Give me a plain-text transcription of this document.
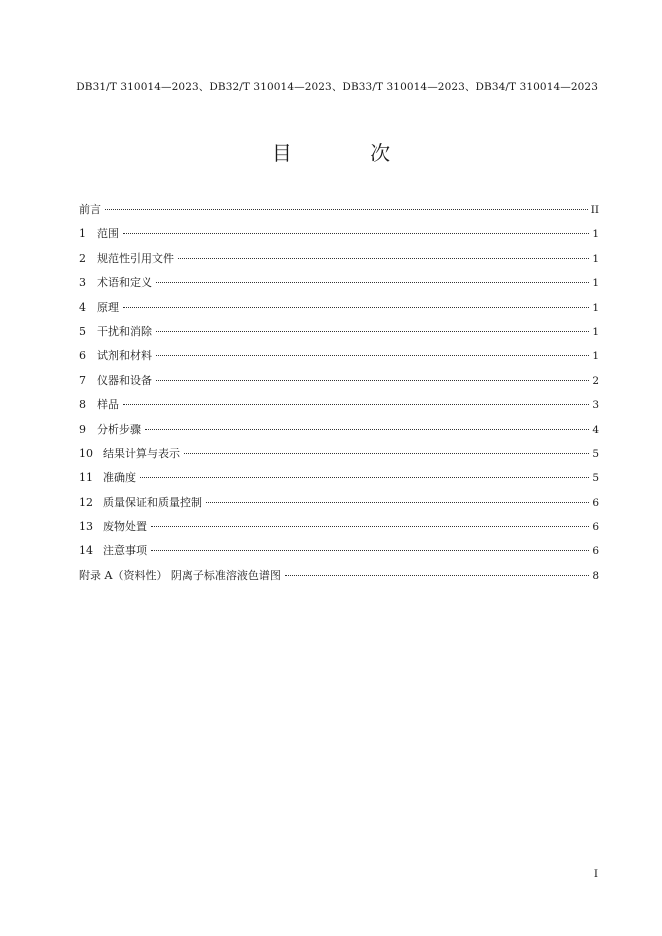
DB31/T 310014—2023、DB32/T 310014—2023、DB33/T 310014—2023、DB34/T 310014—2023
目 次
前言	II
1 范围	1
2 规范性引用文件	1
3 术语和定义	1
4 原理	1
5 干扰和消除	1
6 试剂和材料	1
7 仪器和设备	2
8 样品	3
9 分析步骤	4
10 结果计算与表示	5
11 准确度	5
12 质量保证和质量控制	6
13 废物处置	6
14 注意事项	6
附录 A（资料性） 阴离子标准溶液色谱图	8
I
